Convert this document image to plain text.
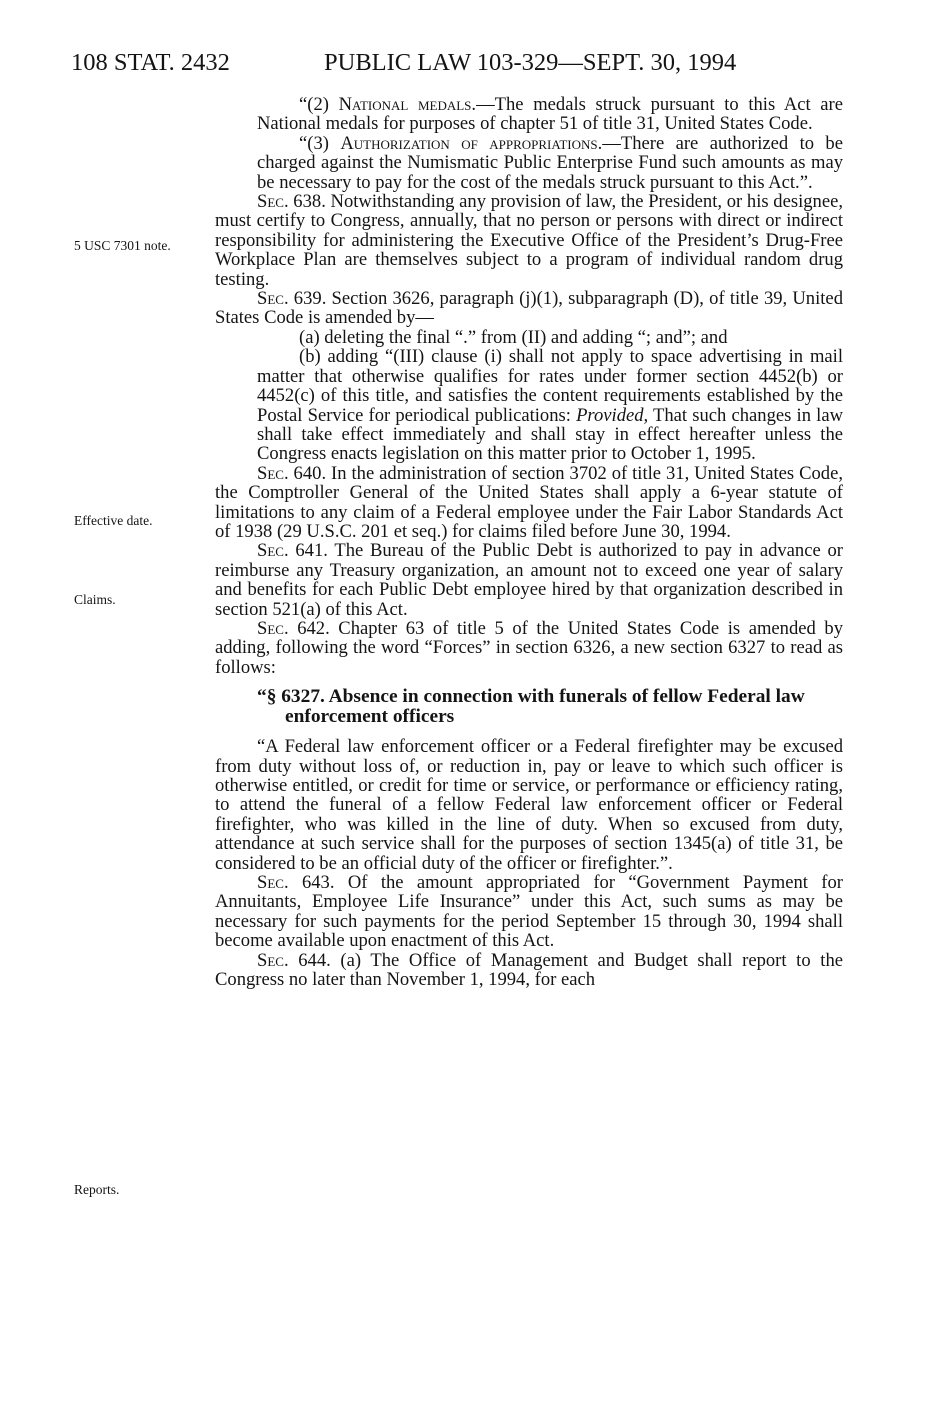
108 STAT. 2432	PUBLIC LAW 103-329—SEPT. 30, 1994
5 USC 7301 note.
Effective date.
Claims.
Reports.

“(2) National medals.—The medals struck pursuant to this Act are National medals for purposes of chapter 51 of title 31, United States Code.

“(3) Authorization of appropriations.—There are authorized to be charged against the Numismatic Public Enterprise Fund such amounts as may be necessary to pay for the cost of the medals struck pursuant to this Act.”.

Sec. 638. Notwithstanding any provision of law, the President, or his designee, must certify to Congress, annually, that no person or persons with direct or indirect responsibility for administering the Executive Office of the President’s Drug-Free Workplace Plan are themselves subject to a program of individual random drug testing.

Sec. 639. Section 3626, paragraph (j)(1), subparagraph (D), of title 39, United States Code is amended by—

(a) deleting the final “.” from (II) and adding “; and”; and

(b) adding “(III) clause (i) shall not apply to space advertising in mail matter that otherwise qualifies for rates under former section 4452(b) or 4452(c) of this title, and satisfies the content requirements established by the Postal Service for periodical publications: Provided, That such changes in law shall take effect immediately and shall stay in effect hereafter unless the Congress enacts legislation on this matter prior to October 1, 1995.

Sec. 640. In the administration of section 3702 of title 31, United States Code, the Comptroller General of the United States shall apply a 6-year statute of limitations to any claim of a Federal employee under the Fair Labor Standards Act of 1938 (29 U.S.C. 201 et seq.) for claims filed before June 30, 1994.

Sec. 641. The Bureau of the Public Debt is authorized to pay in advance or reimburse any Treasury organization, an amount not to exceed one year of salary and benefits for each Public Debt employee hired by that organization described in section 521(a) of this Act.

Sec. 642. Chapter 63 of title 5 of the United States Code is amended by adding, following the word “Forces” in section 6326, a new section 6327 to read as follows:

“§ 6327. Absence in connection with funerals of fellow Federal law enforcement officers

“A Federal law enforcement officer or a Federal firefighter may be excused from duty without loss of, or reduction in, pay or leave to which such officer is otherwise entitled, or credit for time or service, or performance or efficiency rating, to attend the funeral of a fellow Federal law enforcement officer or Federal firefighter, who was killed in the line of duty. When so excused from duty, attendance at such service shall for the purposes of section 1345(a) of title 31, be considered to be an official duty of the officer or firefighter.”.

Sec. 643. Of the amount appropriated for “Government Payment for Annuitants, Employee Life Insurance” under this Act, such sums as may be necessary for such payments for the period September 15 through 30, 1994 shall become available upon enactment of this Act.

Sec. 644. (a) The Office of Management and Budget shall report to the Congress no later than November 1, 1994, for each
